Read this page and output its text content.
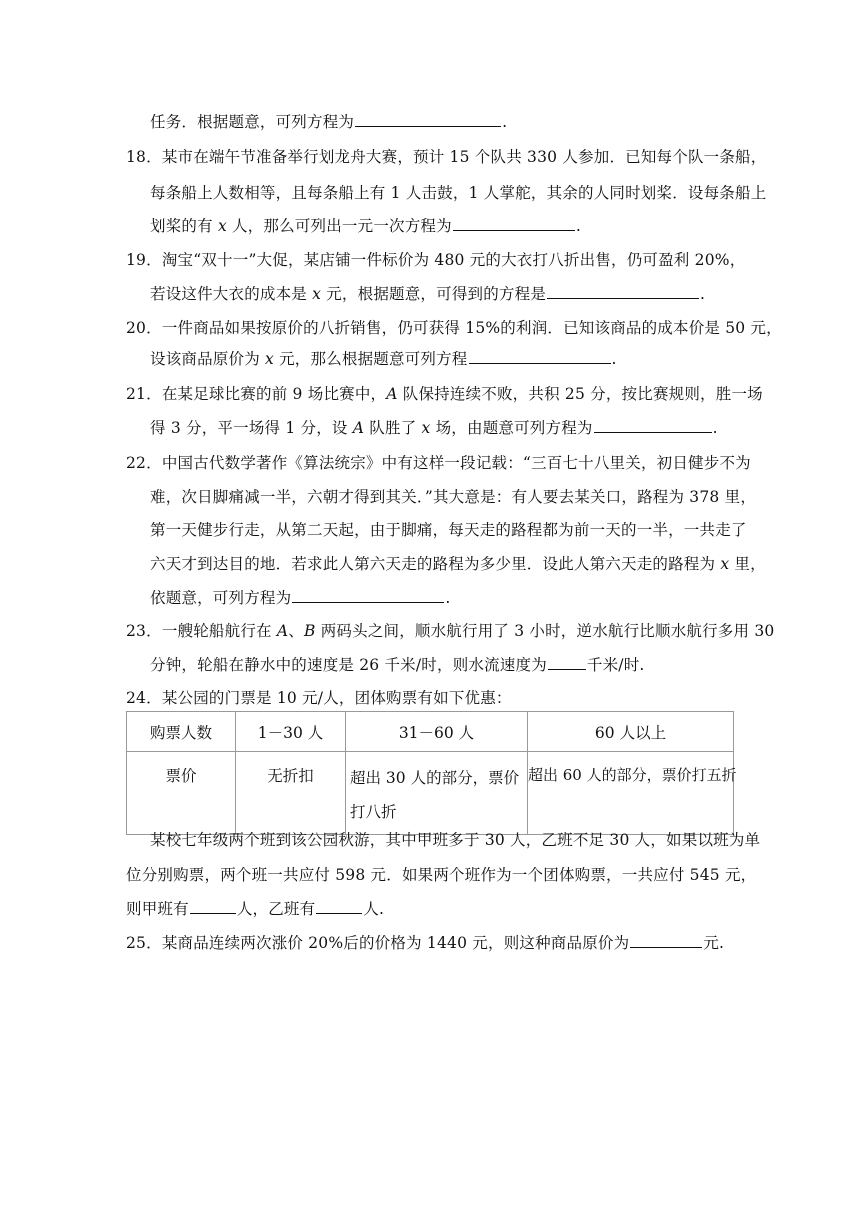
任务．根据题意，可列方程为	.
18．某市在端午节准备举行划龙舟大赛，预计 15 个队共 330 人参加．已知每个队一条船，
每条船上人数相等，且每条船上有 1 人击鼓，1 人掌舵，其余的人同时划桨．设每条船上
划桨的有 x 人，那么可列出一元一次方程为	.
19．淘宝“双十一”大促，某店铺一件标价为 480 元的大衣打八折出售，仍可盈利 20%，
若设这件大衣的成本是 x 元，根据题意，可得到的方程是	.
20．一件商品如果按原价的八折销售，仍可获得 15%的利润．已知该商品的成本价是 50 元，
设该商品原价为 x 元，那么根据题意可列方程	.
21．在某足球比赛的前 9 场比赛中，A 队保持连续不败，共积 25 分，按比赛规则，胜一场
得 3 分，平一场得 1 分，设 A 队胜了 x 场，由题意可列方程为	.
22．中国古代数学著作《算法统宗》中有这样一段记载：“三百七十八里关，初日健步不为
难，次日脚痛减一半，六朝才得到其关．”其大意是：有人要去某关口，路程为 378 里，
第一天健步行走，从第二天起，由于脚痛，每天走的路程都为前一天的一半，一共走了
六天才到达目的地．若求此人第六天走的路程为多少里．设此人第六天走的路程为 x 里，
依题意，可列方程为	.
23．一艘轮船航行在 A、B 两码头之间，顺水航行用了 3 小时，逆水航行比顺水航行多用 30
分钟，轮船在静水中的速度是 26 千米/时，则水流速度为	千米/时.
24．某公园的门票是 10 元/人，团体购票有如下优惠：
购票人数	1－30 人	31－60 人	60 人以上
票价	无折扣	超出 30 人的部分，票价打八折	超出 60 人的部分，票价打五折
某校七年级两个班到该公园秋游，其中甲班多于 30 人，乙班不足 30 人，如果以班为单
位分别购票，两个班一共应付 598 元．如果两个班作为一个团体购票，一共应付 545 元，
则甲班有	人，乙班有	人.
25．某商品连续两次涨价 20%后的价格为 1440 元，则这种商品原价为	元.
